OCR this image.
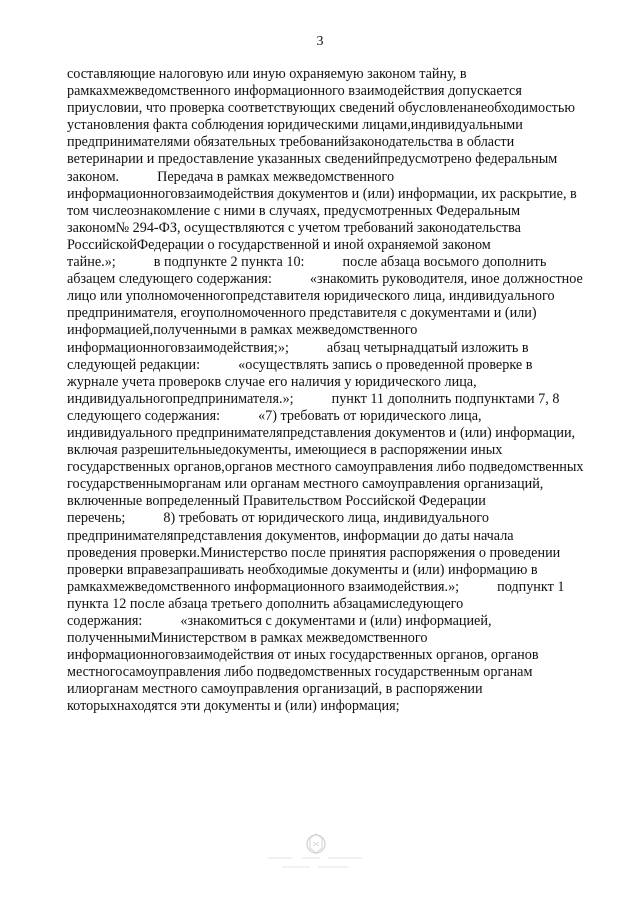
3
составляющие налоговую или иную охраняемую законом тайну, в рамкахмежведомственного информационного взаимодействия допускается приусловии, что проверка соответствующих сведений обусловленанеобходимостью установления факта соблюдения юридическими лицами,индивидуальными предпринимателями обязательных требованийзаконодательства в области ветеринарии и предоставление указанных сведенийпредусмотрено федеральным законом.	Передача в рамках межведомственного информационноговзаимодействия документов и (или) информации, их раскрытие, в том числеознакомление с ними в случаях, предусмотренных Федеральным законом№ 294-ФЗ, осуществляются с учетом требований законодательства РоссийскойФедерации о государственной и иной охраняемой законом тайне.»;	в подпункте 2 пункта 10:	после абзаца восьмого дополнить абзацем следующего содержания:	«знакомить руководителя, иное должностное лицо или уполномоченногопредставителя юридического лица, индивидуального предпринимателя, егоуполномоченного представителя с документами и (или) информацией,полученными в рамках межведомственного информационноговзаимодействия;»;	абзац четырнадцатый изложить в следующей редакции:	«осуществлять запись о проведенной проверке в журнале учета проверокв случае его наличия у юридического лица, индивидуальногопредпринимателя.»;	пункт 11 дополнить подпунктами 7, 8 следующего содержания:	«7) требовать от юридического лица, индивидуального предпринимателяпредставления документов и (или) информации, включая разрешительныедокументы, имеющиеся в распоряжении иных государственных органов,органов местного самоуправления либо подведомственных государственныморганам или органам местного самоуправления организаций, включенные вопределенный Правительством Российской Федерации перечень;	8) требовать от юридического лица, индивидуального предпринимателяпредставления документов, информации до даты начала проведения проверки.Министерство после принятия распоряжения о проведении проверки вправезапрашивать необходимые документы и (или) информацию в рамкахмежведомственного информационного взаимодействия.»;	подпункт 1 пункта 12 после абзаца третьего дополнить абзацамиследующего содержания:	«знакомиться с документами и (или) информацией, полученнымиМинистерством в рамках межведомственного информационноговзаимодействия от иных государственных органов, органов местногосамоуправления либо подведомственных государственным органам илиорганам местного самоуправления организаций, в распоряжении которыхнаходятся эти документы и (или) информация;
